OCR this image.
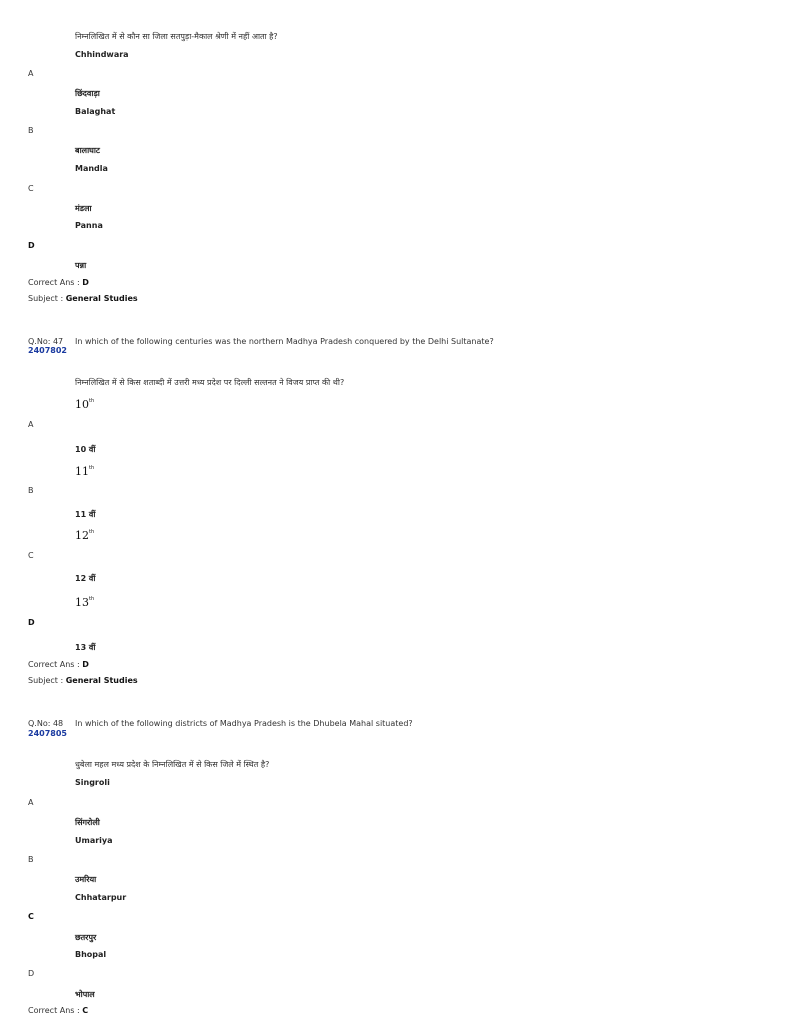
निम्नलिखित में से कौन सा जिला सतपुड़ा-मैकाल श्रेणी में नहीं आता है?
Chhindwara
A
छिंदवाड़ा
Balaghat
B
बालाघाट
Mandla
C
मंडला
Panna
D
पन्ना
Correct Ans : D
Subject : General Studies
Q.No: 47
2407802
In which of the following centuries was the northern Madhya Pradesh conquered by the Delhi Sultanate?
निम्नलिखित में से किस शताब्दी में उत्तरी मध्य प्रदेश पर दिल्ली सल्तनत ने विजय प्राप्त की थी?
10th
A
10 वीं
11th
B
11 वीं
12th
C
12 वीं
13th
D
13 वीं
Correct Ans : D
Subject : General Studies
Q.No: 48
2407805
In which of the following districts of Madhya Pradesh is the Dhubela Mahal situated?
धुबेला महल मध्य प्रदेश के निम्नलिखित में से किस जिले में स्थित है?
Singroli
A
सिंगरोली
Umariya
B
उमरिया
Chhatarpur
C
छतरपुर
Bhopal
D
भोपाल
Correct Ans : C
